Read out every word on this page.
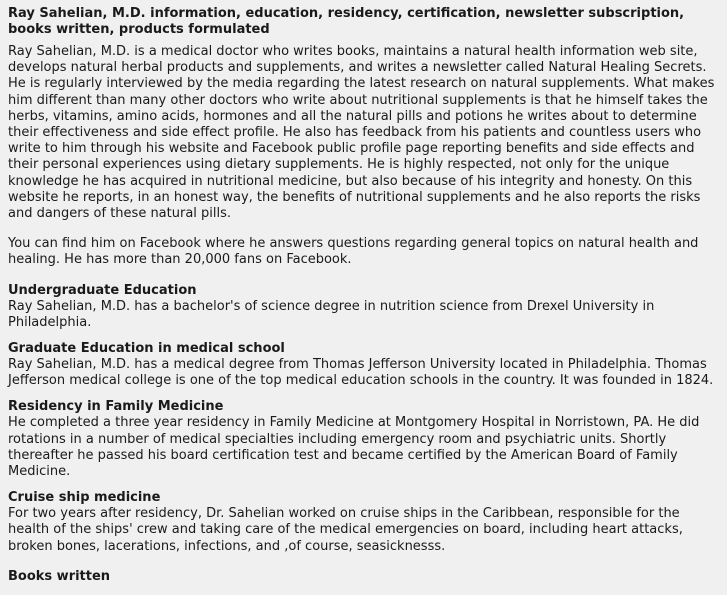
Ray Sahelian, M.D. information, education, residency, certification, newsletter subscription, books written, products formulated

Ray Sahelian, M.D. is a medical doctor who writes books, maintains a natural health information web site, develops natural herbal products and supplements, and writes a newsletter called Natural Healing Secrets. He is regularly interviewed by the media regarding the latest research on natural supplements. What makes him different than many other doctors who write about nutritional supplements is that he himself takes the herbs, vitamins, amino acids, hormones and all the natural pills and potions he writes about to determine their effectiveness and side effect profile. He also has feedback from his patients and countless users who write to him through his website and Facebook public profile page reporting benefits and side effects and their personal experiences using dietary supplements. He is highly respected, not only for the unique knowledge he has acquired in nutritional medicine, but also because of his integrity and honesty. On this website he reports, in an honest way, the benefits of nutritional supplements and he also reports the risks and dangers of these natural pills.

You can find him on Facebook where he answers questions regarding general topics on natural health and healing. He has more than 20,000 fans on Facebook.

Undergraduate Education

Ray Sahelian, M.D. has a bachelor's of science degree in nutrition science from Drexel University in Philadelphia.

Graduate Education in medical school

Ray Sahelian, M.D. has a medical degree from Thomas Jefferson University located in Philadelphia. Thomas Jefferson medical college is one of the top medical education schools in the country. It was founded in 1824.

Residency in Family Medicine

He completed a three year residency in Family Medicine at Montgomery Hospital in Norristown, PA. He did rotations in a number of medical specialties including emergency room and psychiatric units. Shortly thereafter he passed his board certification test and became certified by the American Board of Family Medicine.

Cruise ship medicine

For two years after residency, Dr. Sahelian worked on cruise ships in the Caribbean, responsible for the health of the ships' crew and taking care of the medical emergencies on board, including heart attacks, broken bones, lacerations, infections, and ,of course, seasicknesss.

Books written
